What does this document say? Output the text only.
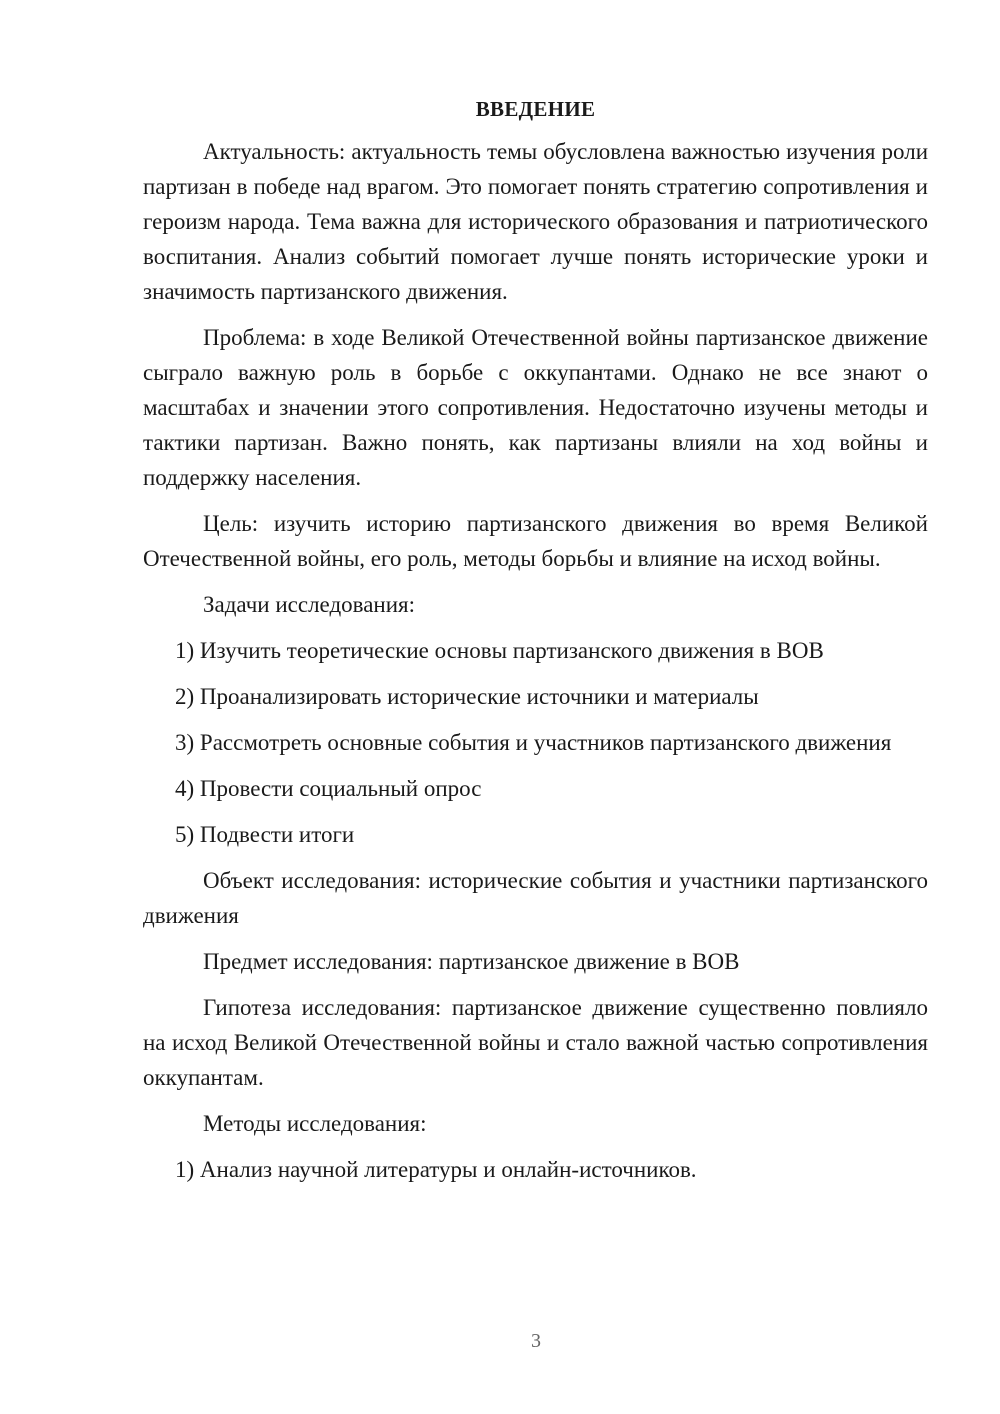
ВВЕДЕНИЕ

Актуальность: актуальность темы обусловлена важностью изучения роли партизан в победе над врагом. Это помогает понять стратегию сопротивления и героизм народа. Тема важна для исторического образования и патриотического воспитания. Анализ событий помогает лучше понять исторические уроки и значимость партизанского движения.

Проблема: в ходе Великой Отечественной войны партизанское движение сыграло важную роль в борьбе с оккупантами. Однако не все знают о масштабах и значении этого сопротивления. Недостаточно изучены методы и тактики партизан. Важно понять, как партизаны влияли на ход войны и поддержку населения.

Цель: изучить историю партизанского движения во время Великой Отечественной войны, его роль, методы борьбы и влияние на исход войны.

Задачи исследования:

1) Изучить теоретические основы партизанского движения в ВОВ

2) Проанализировать исторические источники и материалы

3) Рассмотреть основные события и участников партизанского движения

4) Провести социальный опрос

5) Подвести итоги

Объект исследования: исторические события и участники партизанского движения

Предмет исследования: партизанское движение в ВОВ

Гипотеза исследования: партизанское движение существенно повлияло на исход Великой Отечественной войны и стало важной частью сопротивления оккупантам.

Методы исследования:

1) Анализ научной литературы и онлайн-источников.

3
